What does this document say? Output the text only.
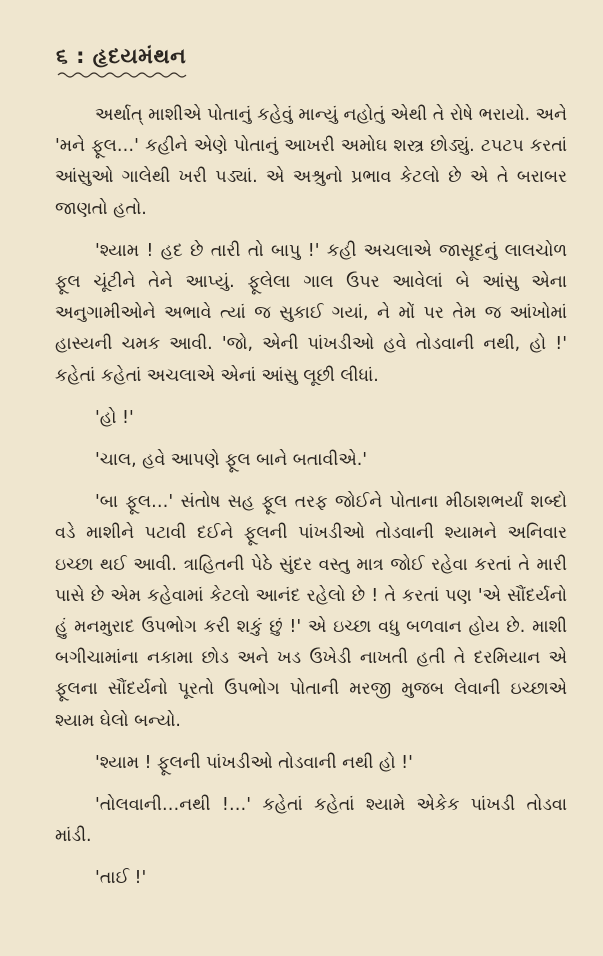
૬ : હૃદયમંથન

અર્થાત્ માશીએ પોતાનું કહેવું માન્યું નહોતું એથી તે રોષે ભરાયો. અને 'મને ફૂલ…' કહીને એણે પોતાનું આખરી અમોઘ શસ્ત્ર છોડ્યું. ટપટપ કરતાં આંસુઓ ગાલેથી ખરી પડ્યાં. એ અશ્રુનો પ્રભાવ કેટલો છે એ તે બરાબર જાણતો હતો.

'શ્યામ ! હદ છે તારી તો બાપુ !' કહી અચલાએ જાસૂદનું લાલચોળ ફૂલ ચૂંટીને તેને આપ્યું. ફૂલેલા ગાલ ઉપર આવેલાં બે આંસુ એના અનુગામીઓને અભાવે ત્યાં જ સુકાઈ ગયાં, ને મોં પર તેમ જ આંખોમાં હાસ્યની ચમક આવી. 'જો, એની પાંખડીઓ હવે તોડવાની નથી, હો !' કહેતાં કહેતાં અચલાએ એનાં આંસુ લૂછી લીધાં.

'હો !'

'ચાલ, હવે આપણે ફૂલ બાને બતાવીએ.'

'બા ફૂલ…' સંતોષ સહ ફૂલ તરફ જોઈને પોતાના મીઠાશભર્યાં શબ્દો વડે માશીને પટાવી દઈને ફૂલની પાંખડીઓ તોડવાની શ્યામને અનિવાર ઇચ્છા થઈ આવી. ત્રાહિતની પેઠે સુંદર વસ્તુ માત્ર જોઈ રહેવા કરતાં તે મારી પાસે છે એમ કહેવામાં કેટલો આનંદ રહેલો છે ! તે કરતાં પણ 'એ સૌંદર્યનો હું મનમુરાદ ઉપભોગ કરી શકું છું !' એ ઇચ્છા વધુ બળવાન હોય છે. માશી બગીચામાંના નકામા છોડ અને ખડ ઉખેડી નાખતી હતી તે દરમિયાન એ ફૂલના સૌંદર્યનો પૂરતો ઉપભોગ પોતાની મરજી મુજબ લેવાની ઇચ્છાએ શ્યામ ઘેલો બન્યો.

'શ્યામ ! ફૂલની પાંખડીઓ તોડવાની નથી હો !'

'તોલવાની…નથી !…' કહેતાં કહેતાં શ્યામે એકેક પાંખડી તોડવા માંડી.

'તાઈ !'
